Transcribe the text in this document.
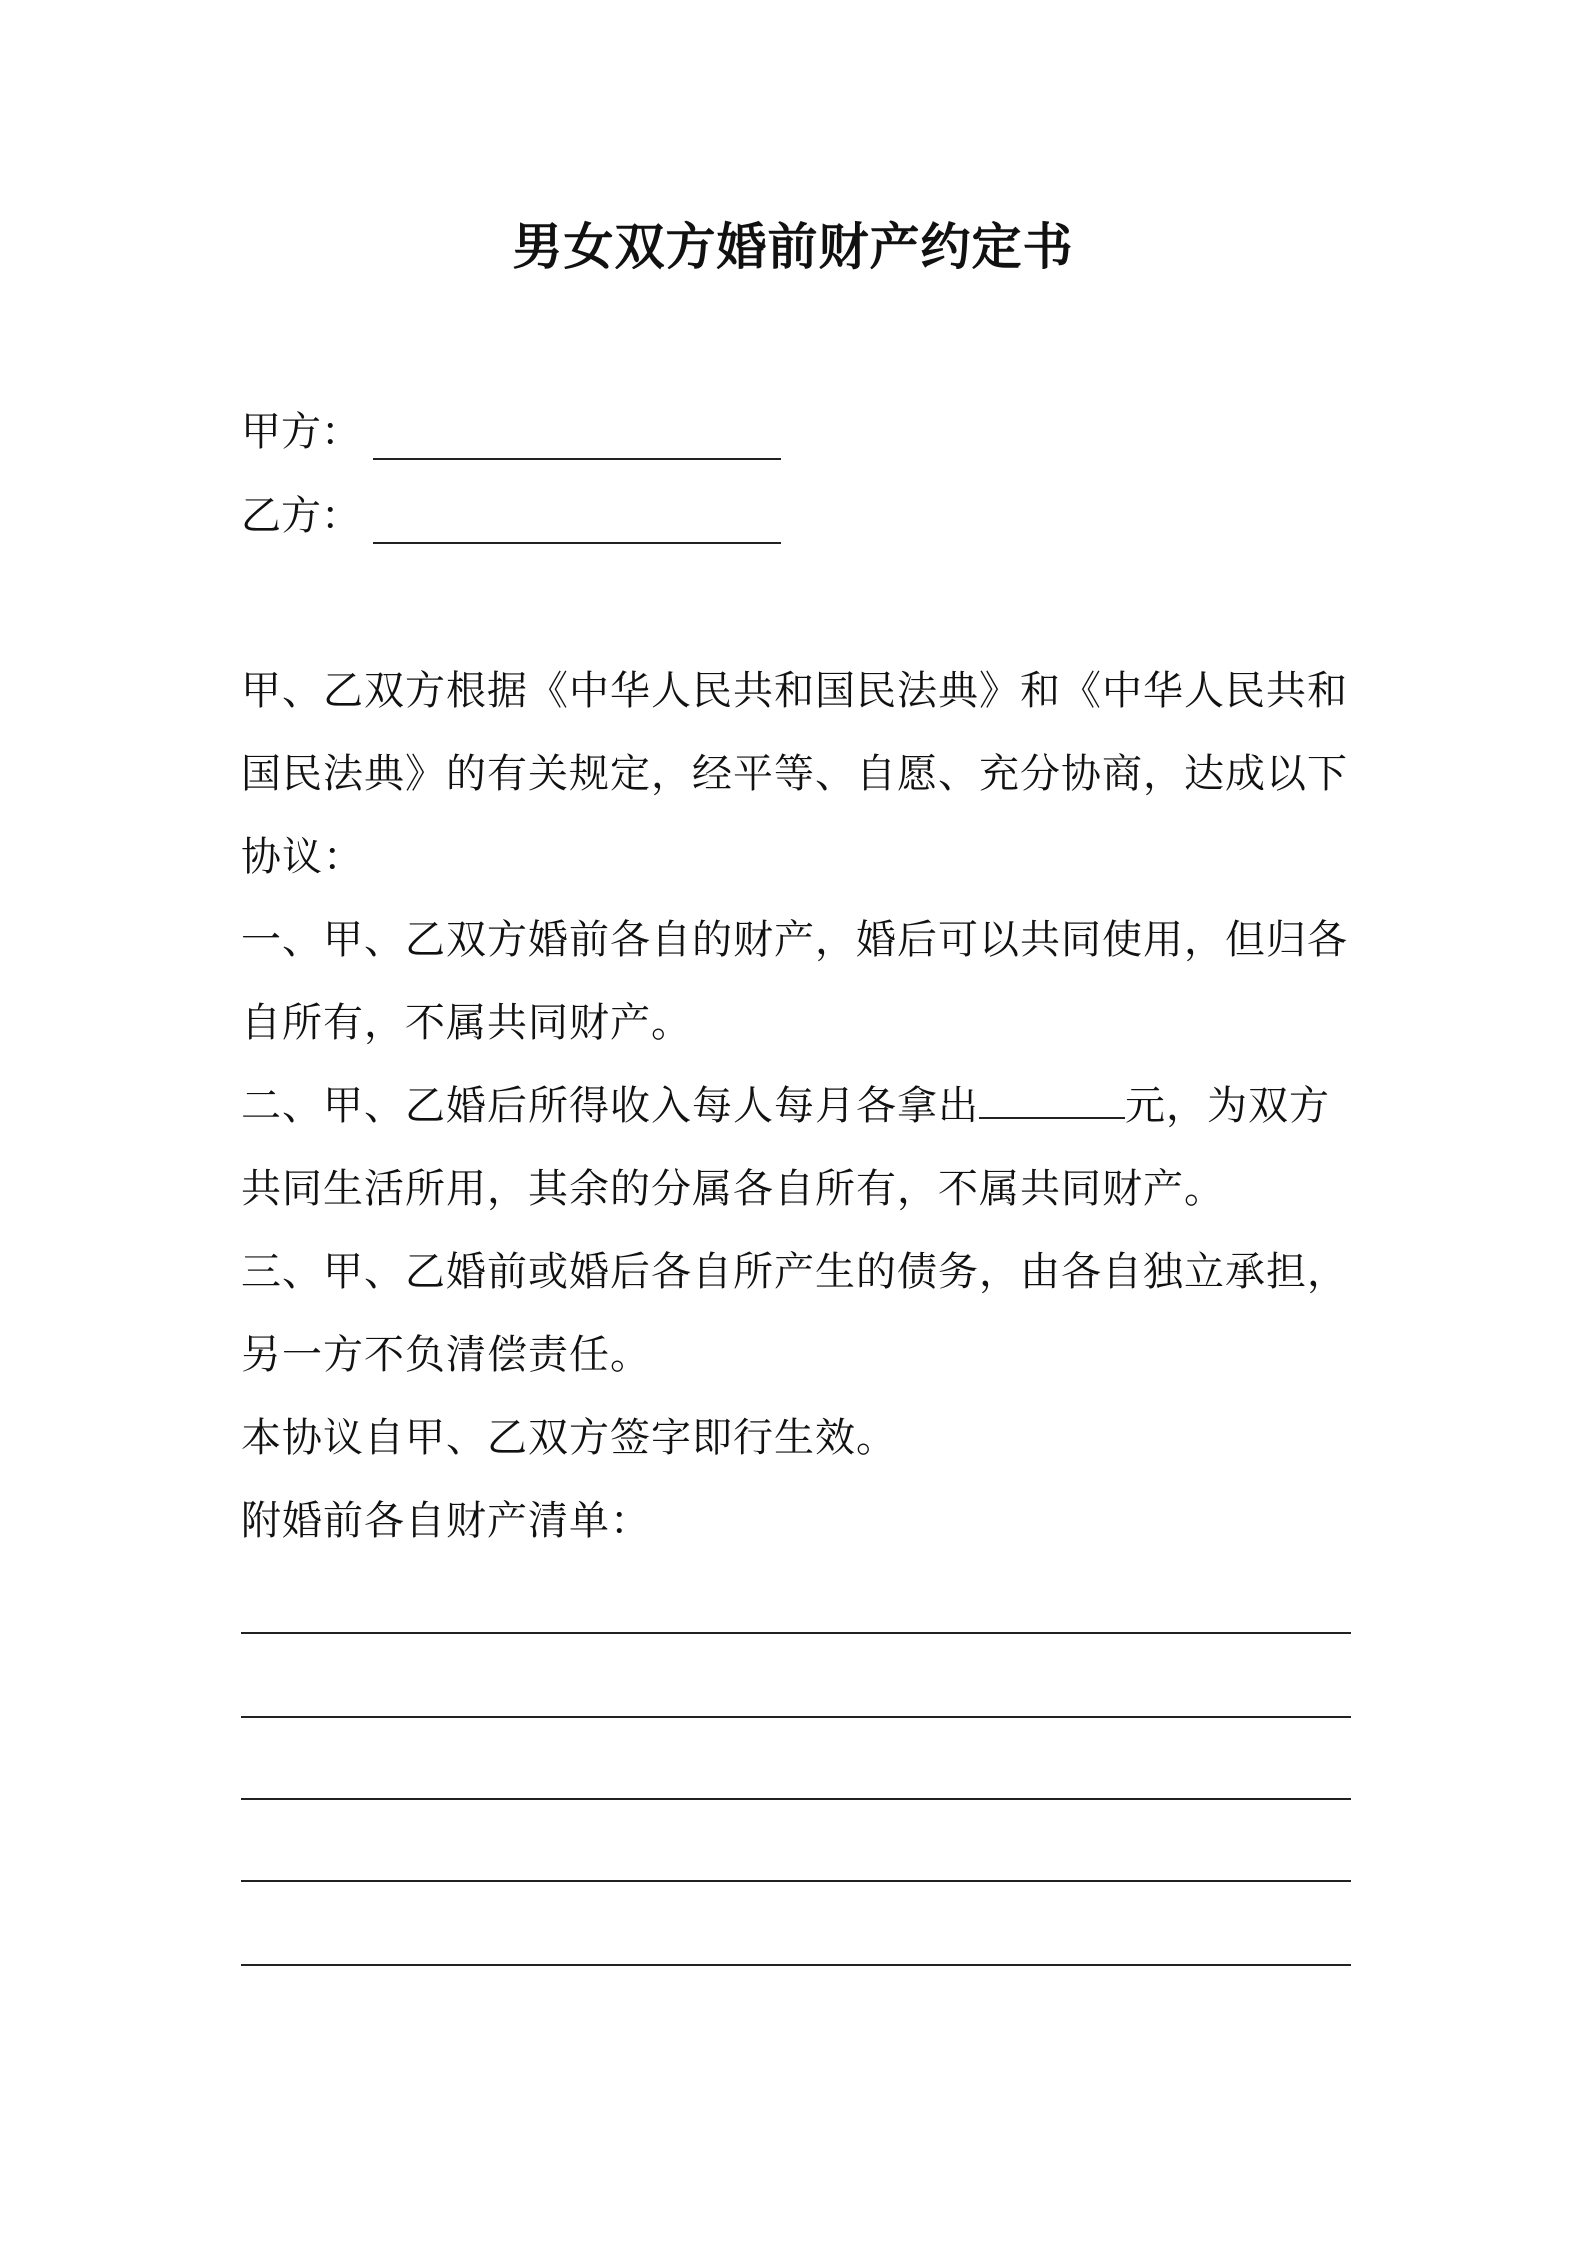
男女双方婚前财产约定书
甲方：
乙方：

甲、乙双方根据《中华人民共和国民法典》和《中华人民共和国民法典》的有关规定，经平等、自愿、充分协商，达成以下协议：

一、甲、乙双方婚前各自的财产，婚后可以共同使用，但归各自所有，不属共同财产。

二、甲、乙婚后所得收入每人每月各拿出	元，为双方共同生活所用，其余的分属各自所有，不属共同财产。

三、甲、乙婚前或婚后各自所产生的债务，由各自独立承担，另一方不负清偿责任。

本协议自甲、乙双方签字即行生效。

附婚前各自财产清单：
